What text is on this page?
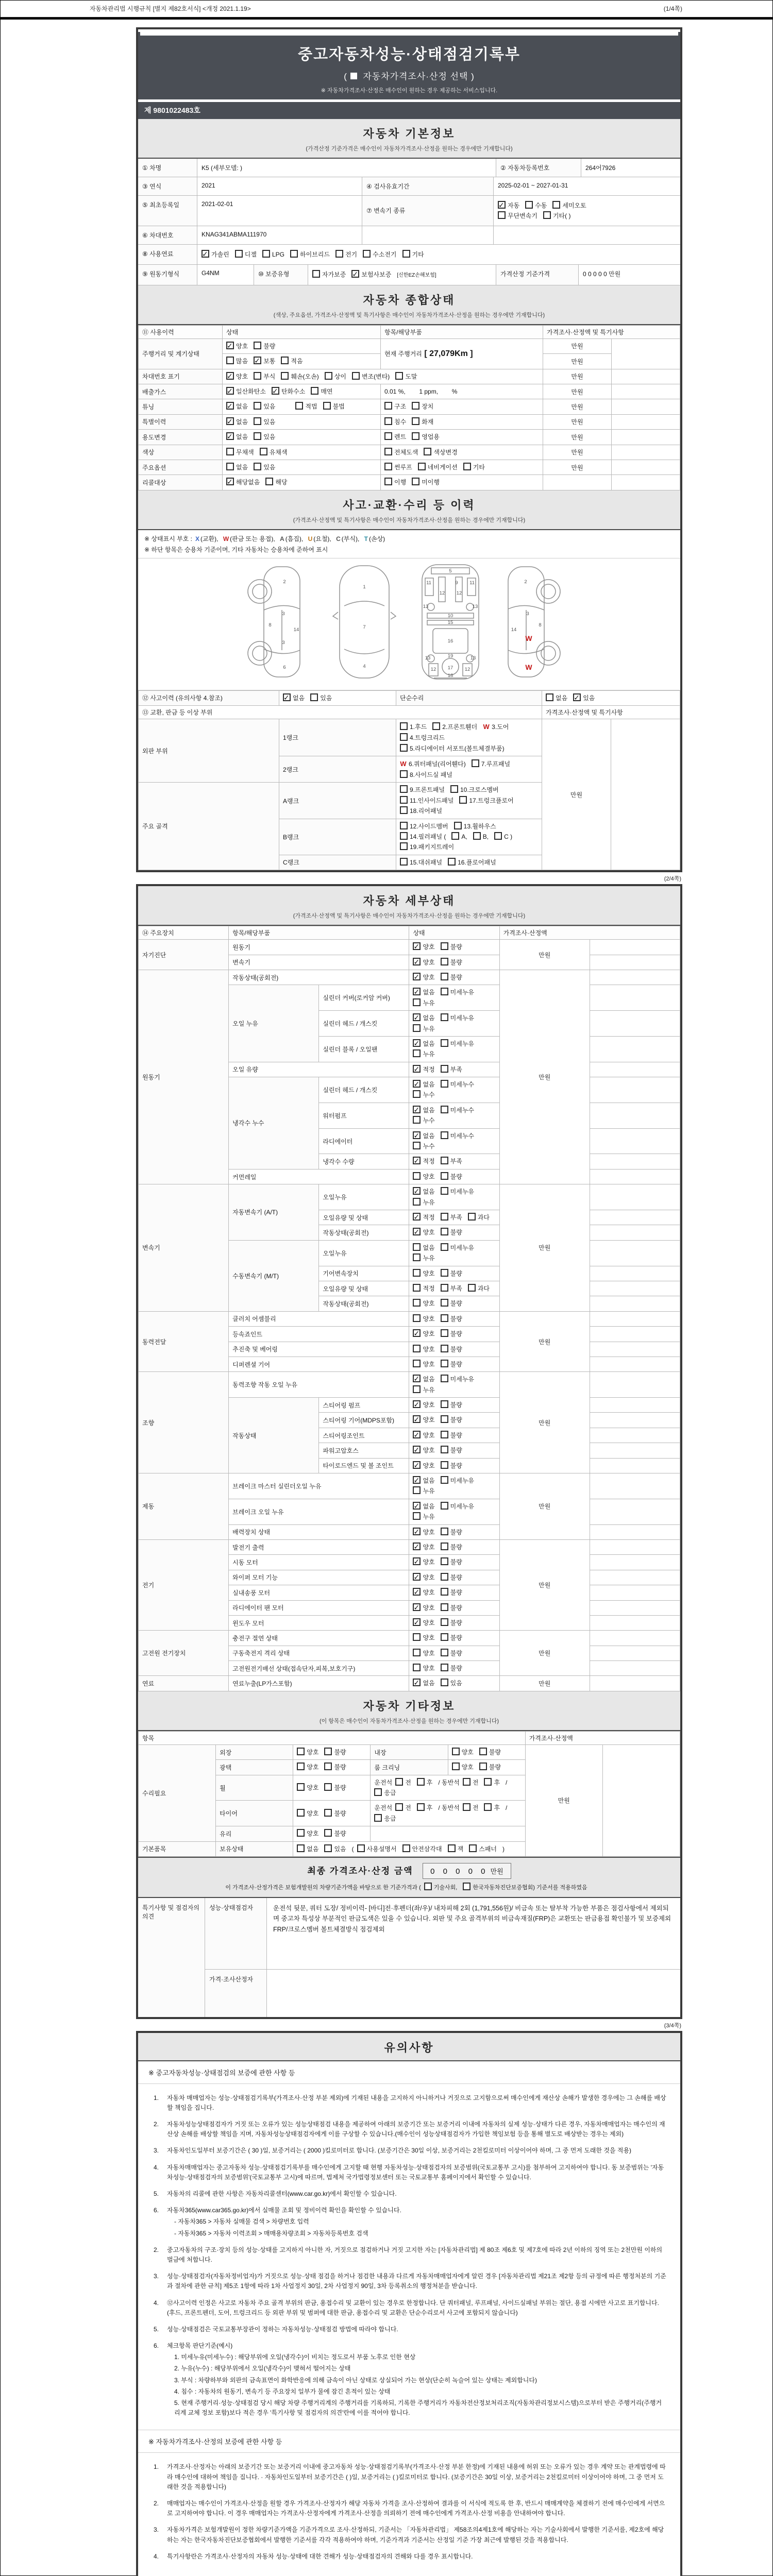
자동차관리법 시행규칙 [별지 제82호서식] <개정 2021.1.19>	(1/4쪽)
중고자동차성능·상태점검기록부
( 자동차가격조사·산정 선택 )
※ 자동차가격조사·산정은 매수인이 원하는 경우 제공하는 서비스입니다.
제 9801022483호
자동차 기본정보
(가격산정 기준가격은 매수인이 자동차가격조사·산정을 원하는 경우에만 기재합니다)
① 차명	K5 (세부모델: )	② 자동차등록번호	264어7926
③ 연식	2021	④ 검사유효기간	2025-02-01 ~ 2027-01-31
⑤ 최초등록일	2021-02-01
⑦ 변속기 종류
✓자동	수동	세미오토
무단변속기	기타( )
⑥ 차대번호	KNAG341ABMA111970
⑧ 사용연료 ✓	가솔린	디젤	LPG	하이브리드	전기	수소전기	기타
⑨ 원동기형식	G4NM	⑩ 보증유형	자가보증 ✓	보험사보증 [신한EZ손해보험]	가격산정 기준가격	0 0 0 0 0 만원
자동차 종합상태
(색상, 주요옵션, 가격조사·산정액 및 특기사항은 매수인이 자동차가격조사·산정을 원하는 경우에만 기재합니다)
⑪ 사용이력	상태	항목/해당부품	가격조사·산정액 및 특기사항	
주행거리 및 계기상태	✓양호 불량	현재 주행거리 [ 27,079Km ]	만원	
	많음 ✓ 보통 적음		만원	
차대번호 표기	✓양호 부식 훼손(오손) 상이 변조(변타) 도말		만원	
배출가스	✓일산화탄소 ✓ 탄화수소 매연	0.01 %,        1 ppm,        %	만원	
튜닝	✓없음 있음 적법 불법	구조 장치	만원	
특별이력	✓없음 있음	침수 화재	만원	
용도변경	✓없음 있음	렌트 영업용	만원	
색상	무채색 유채색	전체도색 색상변경	만원	
주요옵션	없음 있음	썬루프 네비게이션 기타	만원	
리콜대상	✓해당없음 해당	이행 미이행		
사고·교환·수리 등 이력
(가격조사·산정액 및 특기사항은 매수인이 자동차가격조사·산정을 원하는 경우에만 기재합니다)
※ 상태표시 부호 : X (교환), W (판금 또는 용접), A (흠집), U (요철), C (부식), T (손상)
※ 하단 항목은 승용차 기준이며, 기타 자동차는 승용차에 준하여 표시
2
8
3
14
3
6
1
7
4
5
9
11	11
12 12
13	13
10
15
16
19
13	13
12	12
17
18
2
3
8
14
W
W
⑫ 사고이력 (유의사항 4.참조)	✓없음 있음	단순수리	없음 ✓ 있음
⑬ 교환, 판금 등 이상 부위			가격조사·산정액 및 특기사항	
외판 부위	1랭크	1.후드 2.프론트휀더 W 3.도어4.트렁크리드
5.라디에이터 서포트(볼트체결부품)	만원	
	2랭크	W 6.쿼터패널(리어휀다) 7.루프패널8.사이드실 패널		

주요 골격	A랭크	9.프론트패널 10.크로스멤버11.인사이드패널 17.트렁크플로어
18.리어패널		

	B랭크	12.사이드멤버 13.휠하우스14.필러패널 ( A, B, C )
19.패키지트레이		

	C랭크	15.대쉬패널 16.플로어패널		
(2/4쪽)
자동차 세부상태
(가격조사·산정액 및 특기사항은 매수인이 자동차가격조사·산정을 원하는 경우에만 기재합니다)
⑭ 주요장치	항목/해당부품		상태	가격조사·산정액	
자기진단	원동기	✓양호 불량	만원	
	변속기	✓양호 불량	
원동기	작동상태(공회전)	✓양호 불량	만원	
	오일 누유	실린더 커버(로커암 커버)	✓없음 미세누유누유	
		실린더 헤드 / 개스킷	✓없음 미세누유누유	
		실린더 블록 / 오일팬	✓없음 미세누유누유	
	오일 유량	✓적정 부족	
	냉각수 누수	실린더 헤드 / 개스킷	✓없음 미세누수누수	
		워터펌프	✓없음 미세누수누수	
		라디에이터	✓없음 미세누수누수	
		냉각수 수량	✓적정 부족	
	커먼레일		양호 불량		
변속기	자동변속기 (A/T)	오일누유	✓없음 미세누유누유	만원	
		오일유량 및 상태	✓적정 부족 과다	
		작동상태(공회전)	✓양호 불량	
	수동변속기 (M/T)	오일누유	없음 미세누유누유		
		기어변속장치	양호 불량		
		오일유량 및 상태	적정 부족 과다		
		작동상태(공회전)	양호 불량		
동력전달	클러치 어셈블리		양호 불량	만원	
	등속죠인트	✓양호 불량	
	추진축 및 베어링		양호 불량		
	디퍼렌셜 기어		양호 불량		
조향	동력조향 작동 오일 누유	✓없음 미세누유누유	만원	
	작동상태	스티어링 펌프	✓양호 불량	
		스티어링 기어(MDPS포함)	✓양호 불량	
		스티어링조인트	✓양호 불량	
		파워고압호스	✓양호 불량	
		타이로드엔드 및 볼 조인트	✓양호 불량	
제동	브레이크 마스터 실린더오일 누유	✓없음 미세누유누유	만원	
	브레이크 오일 누유	✓없음 미세누유누유	
	배력장치 상태	✓양호 불량	
전기	발전기 출력	✓양호 불량	만원	
	시동 모터	✓양호 불량	
	와이퍼 모터 기능	✓양호 불량	
	실내송풍 모터	✓양호 불량	
	라디에이터 팬 모터	✓양호 불량	
	윈도우 모터	✓양호 불량	
고전원 전기장치	충전구 절연 상태		양호 불량	만원	
	구동축전지 격리 상태		양호 불량		
	고전원전기배선 상태(접속단자,피복,보호기구)		양호 불량		
연료	연료누출(LP가스포함)	✓없음 있음	만원	
자동차 기타정보
(이 항목은 매수인이 자동차가격조사·산정을 원하는 경우에만 기재합니다)
항목					가격조사·산정액	
수리필요	외장	양호 불량	내장	양호 불량	만원	
	광택	양호 불량	룸 크리닝	양호 불량		
	휠	양호 불량	운전석 전 후 / 동반석 전 후 /응급			
	타이어	양호 불량	운전석 전 후 / 동반석 전 후 /응급			
	유리	양호 불량				
기본품목	보유상태	없음 있음 ( 사용설명서 안전삼각대 잭 스패너 )				
최종 가격조사·산정 금액 0 0 0 0 0 만원
이 가격조사·산정가격은 보험개발원의 차량기준가액을 바탕으로 한 기준가격과 ( 기술사회,	한국자동차진단보증협회) 기준서를 적용하였음
특기사항 및 점검자의 의견
성능·상태점검자	운전석 뒷문, 쿼터 도장/ 정비이력- [바디]전·후펜더(좌/우)/ 내차피해 2회 (1,791,556원)/ 비금속 또는 탈부착 가능한 부품은 점검사항에서 제외되며 중고차 특성상 부분적인 판금도색은 있을 수 있습니다. 외판 및 주요 골격부위의 비금속재질(FRP)은 교환또는 판금용접 확인불가 및 보증제외 FRP/크로스멤버 볼트체결방식 점검제외
가격·조사산정자
(3/4쪽)
유의사항
※ 중고자동차성능·상태점검의 보증에 관한 사항 등
1.	자동차 매매업자는 성능·상태점검기록부(가격조사·산정 부분 제외)에 기재된 내용을 고지하지 아니하거나 거짓으로 고지함으로써 매수인에게 재산상 손해가 발생한 경우에는 그 손해를 배상할 책임을 집니다.
2.	자동차성능상태점검자가 거짓 또는 오류가 있는 성능상태점검 내용을 제공하여 아래의 보증기간 또는 보증거리 이내에 자동차의 실제 성능·상태가 다른 경우, 자동차매매업자는 매수인의 재산상 손해를 배상할 책임을 지며, 자동차성능상태점검자에게 이를 구상할 수 있습니다.(매수인이 성능상태점검자가 가입한 책임보험 등을 통해 별도로 배상받는 경우는 제외)
3.	자동차인도일부터 보증기간은 ( 30 )일, 보증거리는 ( 2000 )킬로미터로 합니다. (보증기간은 30일 이상, 보증거리는 2천킬로미터 이상이어야 하며, 그 중 먼저 도래한 것을 적용)
4.	자동차매매업자는 중고자동차 성능·상태점검기록부를 매수인에게 고지할 때 현행 자동차성능·상태점검자의 보증범위(국토교통부 고시)를 첨부하여 고지하여야 합니다. 동 보증범위는 '자동차성능·상태점검자의 보증범위'(국토교통부 고시)에 따르며, 법제처 국가법령정보센터 또는 국토교통부 홈페이지에서 확인할 수 있습니다.
5.	자동차의 리콜에 관한 사항은 자동차리콜센터(www.car.go.kr)에서 확인할 수 있습니다.
6.	자동차365(www.car365.go.kr)에서 실매물 조회 및 정비이력 확인을 확인할 수 있습니다.
- 자동차365 > 자동차 실매물 검색 > 차량번호 입력
- 자동차365 > 자동차 이력조회 > 매매용차량조회 > 자동차등록번호 검색
2.	중고자동차의 구조·장치 등의 성능·상태를 고지하지 아니한 자, 거짓으로 점검하거나 거짓 고지한 자는 [자동차관리법] 제 80조 제6호 및 제7호에 따라 2년 이하의 징역 또는 2천만원 이하의 벌금에 처합니다.
3.	성능·상태점검자(자동차정비업자)가 거짓으로 성능·상태 점검을 하거나 점검한 내용과 다르게 자동차매매업자에게 알린 경우 [자동차관리법 제21조 제2항 등의 규정에 따른 행정처분의 기준과 절차에 관한 규칙] 제5조 1항에 따라 1차 사업정지 30일, 2차 사업정지 90일, 3차 등록취소의 행정처분을 받습니다.
4.	⑫사고이력 인정은 사고로 자동차 주요 골격 부위의 판금, 용접수리 및 교환이 있는 경우로 한정합니다. 단 쿼터패널, 루프패널, 사이드실패널 부위는 절단, 용접 시에만 사고로 표기합니다. (후드, 프론트펜더, 도어, 트렁크리드 등 외판 부위 및 범퍼에 대한 판금, 용접수리 및 교환은 단순수리로서 사고에 포함되지 않습니다)
5.	성능·상태점검은 국토교통부장관이 정하는 자동차성능·상태점검 방법에 따라야 합니다.
6.	체크항목 판단기준(예시)
1. 미세누유(미세누수) : 해당부위에 오일(냉각수)이 비치는 정도로서 부품 노후로 인한 현상
2. 누유(누수) : 해당부위에서 오일(냉각수)이 맺혀서 떨어지는 상태
3. 부식 : 차량하부와 외판의 금속표면이 화학반응에 의해 금속이 아닌 상태로 상실되어 가는 현상(단순히 녹슬어 있는 상태는 제외합니다)
4. 침수 : 자동차의 원동기, 변속기 등 주요장치 일부가 물에 잠긴 흔적이 있는 상태
5. 현재 주행거리·성능·상태점검 당시 해당 차량 주행거리계의 주행거리를 기록하되, 기록한 주행거리가 자동차전산정보처리조직(자동차관리정보시스템)으로부터 받은 주행거리(주행거리계 교체 정보 포함)보다 적은 경우 '특기사항 및 점검자의 의견'란에 이를 적어야 합니다.
※ 자동차가격조사·산정의 보증에 관한 사항 등
1.	가격조사·산정자는 아래의 보증기간 또는 보증거리 이내에 중고자동차 성능·상태점검기록부(가격조사·산정 부분 한정)에 기재된 내용에 허위 또는 오류가 있는 경우 계약 또는 관계법령에 따라 매수인에 대하여 책임을 집니다. · 자동차인도일부터 보증기간은 ( )일, 보증거리는 ( )킬로미터로 합니다. (보증기간은 30일 이상, 보증거리는 2천킬로미터 이상이어야 하며, 그 중 먼저 도래한 것을 적용합니다)
2.	매매업자는 매수인이 가격조사·산정을 원할 경우 가격조사·산정자가 해당 자동차 가격을 조사·산정하여 결과를 이 서식에 적도록 한 후, 반드시 매매계약을 체결하기 전에 매수인에게 서면으로 고지하여야 합니다. 이 경우 매매업자는 가격조사·산정자에게 가격조사·산정을 의뢰하기 전에 매수인에게 가격조사·산정 비용을 안내하여야 합니다.
3.	자동차가격은 보험개발원이 정한 차량기준가액을 기준가격으로 조사·산정하되, 기준서는 「자동차관리법」 제58조의4제1호에 해당하는 자는 기술사회에서 발행한 기준서를, 제2호에 해당하는 자는 한국자동차진단보증협회에서 발행한 기준서를 각각 적용하여야 하며, 기준가격과 기준서는 산정일 기준 가장 최근에 발행된 것을 적용합니다.
4.	특기사항란은 가격조사·산정자의 자동차 성능·상태에 대한 견해가 성능·상태점검자의 견해와 다를 경우 표시합니다.
